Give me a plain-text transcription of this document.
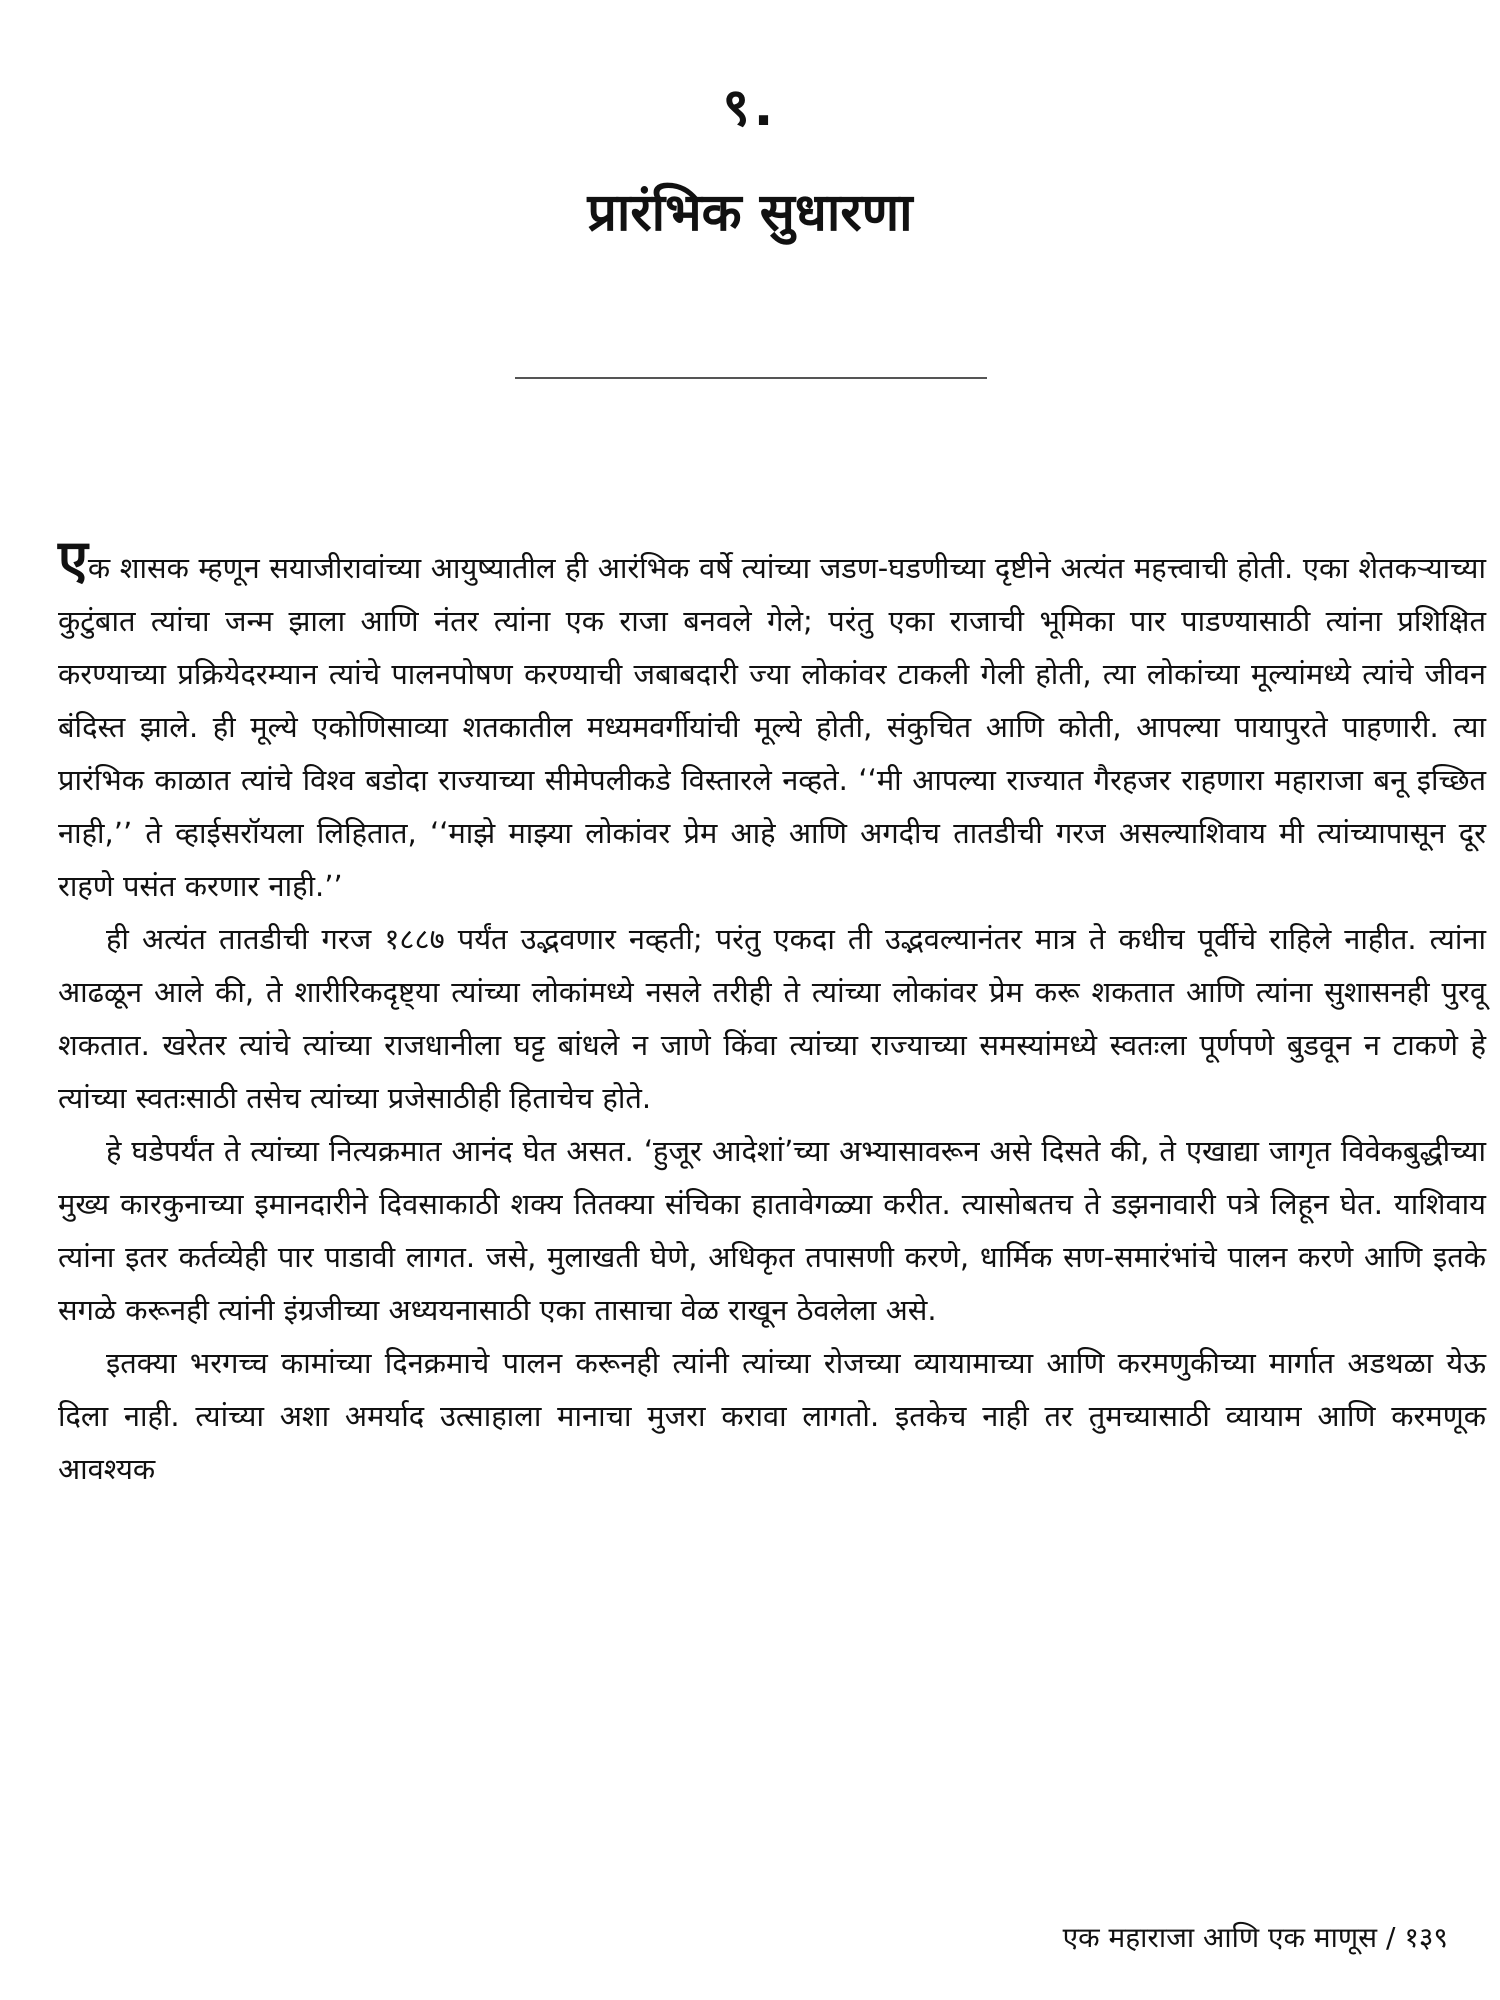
९.
प्रारंभिक सुधारणा

एक शासक म्हणून सयाजीरावांच्या आयुष्यातील ही आरंभिक वर्षे त्यांच्या जडण-घडणीच्या दृष्टीने अत्यंत महत्त्वाची होती. एका शेतकऱ्याच्या कुटुंबात त्यांचा जन्म झाला आणि नंतर त्यांना एक राजा बनवले गेले; परंतु एका राजाची भूमिका पार पाडण्यासाठी त्यांना प्रशिक्षित करण्याच्या प्रक्रियेदरम्यान त्यांचे पालनपोषण करण्याची जबाबदारी ज्या लोकांवर टाकली गेली होती, त्या लोकांच्या मूल्यांमध्ये त्यांचे जीवन बंदिस्त झाले. ही मूल्ये एकोणिसाव्या शतकातील मध्यमवर्गीयांची मूल्ये होती, संकुचित आणि कोती, आपल्या पायापुरते पाहणारी. त्या प्रारंभिक काळात त्यांचे विश्व बडोदा राज्याच्या सीमेपलीकडे विस्तारले नव्हते. ‘‘मी आपल्या राज्यात गैरहजर राहणारा महाराजा बनू इच्छित नाही,’’ ते व्हाईसरॉयला लिहितात, ‘‘माझे माझ्या लोकांवर प्रेम आहे आणि अगदीच तातडीची गरज असल्याशिवाय मी त्यांच्यापासून दूर राहणे पसंत करणार नाही.’’

ही अत्यंत तातडीची गरज १८८७ पर्यंत उद्भवणार नव्हती; परंतु एकदा ती उद्भवल्यानंतर मात्र ते कधीच पूर्वीचे राहिले नाहीत. त्यांना आढळून आले की, ते शारीरिकदृष्ट्या त्यांच्या लोकांमध्ये नसले तरीही ते त्यांच्या लोकांवर प्रेम करू शकतात आणि त्यांना सुशासनही पुरवू शकतात. खरेतर त्यांचे त्यांच्या राजधानीला घट्ट बांधले न जाणे किंवा त्यांच्या राज्याच्या समस्यांमध्ये स्वतःला पूर्णपणे बुडवून न टाकणे हे त्यांच्या स्वतःसाठी तसेच त्यांच्या प्रजेसाठीही हिताचेच होते.

हे घडेपर्यंत ते त्यांच्या नित्यक्रमात आनंद घेत असत. ‘हुजूर आदेशां’च्या अभ्यासावरून असे दिसते की, ते एखाद्या जागृत विवेकबुद्धीच्या मुख्य कारकुनाच्या इमानदारीने दिवसाकाठी शक्य तितक्या संचिका हातावेगळ्या करीत. त्यासोबतच ते डझनावारी पत्रे लिहून घेत. याशिवाय त्यांना इतर कर्तव्येही पार पाडावी लागत. जसे, मुलाखती घेणे, अधिकृत तपासणी करणे, धार्मिक सण-समारंभांचे पालन करणे आणि इतके सगळे करूनही त्यांनी इंग्रजीच्या अध्ययनासाठी एका तासाचा वेळ राखून ठेवलेला असे.

इतक्या भरगच्च कामांच्या दिनक्रमाचे पालन करूनही त्यांनी त्यांच्या रोजच्या व्यायामाच्या आणि करमणुकीच्या मार्गात अडथळा येऊ दिला नाही. त्यांच्या अशा अमर्याद उत्साहाला मानाचा मुजरा करावा लागतो. इतकेच नाही तर तुमच्यासाठी व्यायाम आणि करमणूक आवश्यक

एक महाराजा आणि एक माणूस / १३९
